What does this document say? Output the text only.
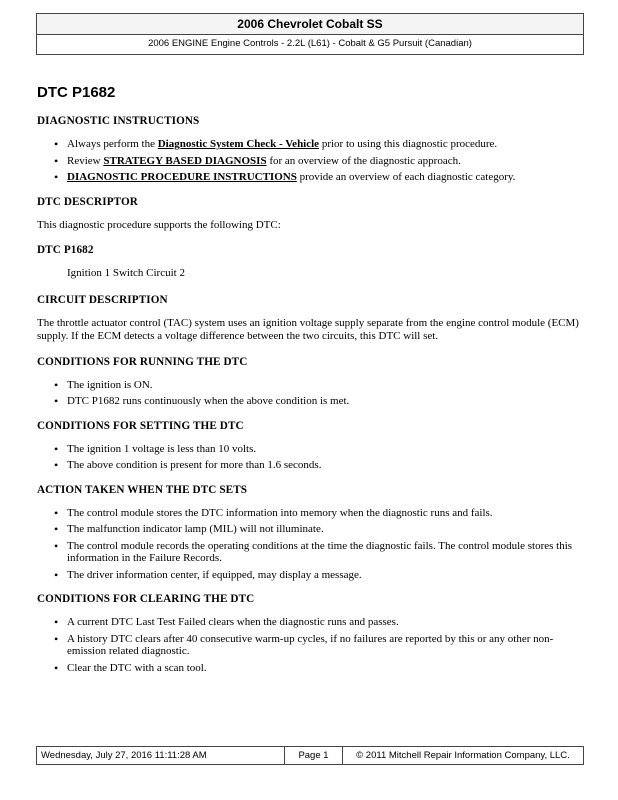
2006 Chevrolet Cobalt SS
2006 ENGINE Engine Controls - 2.2L (L61) - Cobalt & G5 Pursuit (Canadian)
DTC P1682
DIAGNOSTIC INSTRUCTIONS
• Always perform the Diagnostic System Check - Vehicle prior to using this diagnostic procedure.
• Review STRATEGY BASED DIAGNOSIS for an overview of the diagnostic approach.
• DIAGNOSTIC PROCEDURE INSTRUCTIONS provide an overview of each diagnostic category.
DTC DESCRIPTOR
This diagnostic procedure supports the following DTC:
DTC P1682
Ignition 1 Switch Circuit 2
CIRCUIT DESCRIPTION
The throttle actuator control (TAC) system uses an ignition voltage supply separate from the engine control module (ECM) supply. If the ECM detects a voltage difference between the two circuits, this DTC will set.
CONDITIONS FOR RUNNING THE DTC
• The ignition is ON.
• DTC P1682 runs continuously when the above condition is met.
CONDITIONS FOR SETTING THE DTC
• The ignition 1 voltage is less than 10 volts.
• The above condition is present for more than 1.6 seconds.
ACTION TAKEN WHEN THE DTC SETS
• The control module stores the DTC information into memory when the diagnostic runs and fails.
• The malfunction indicator lamp (MIL) will not illuminate.
• The control module records the operating conditions at the time the diagnostic fails. The control module stores this information in the Failure Records.
• The driver information center, if equipped, may display a message.
CONDITIONS FOR CLEARING THE DTC
• A current DTC Last Test Failed clears when the diagnostic runs and passes.
• A history DTC clears after 40 consecutive warm-up cycles, if no failures are reported by this or any other non-emission related diagnostic.
• Clear the DTC with a scan tool.
Wednesday, July 27, 2016 11:11:28 AM	Page 1	© 2011 Mitchell Repair Information Company, LLC.
